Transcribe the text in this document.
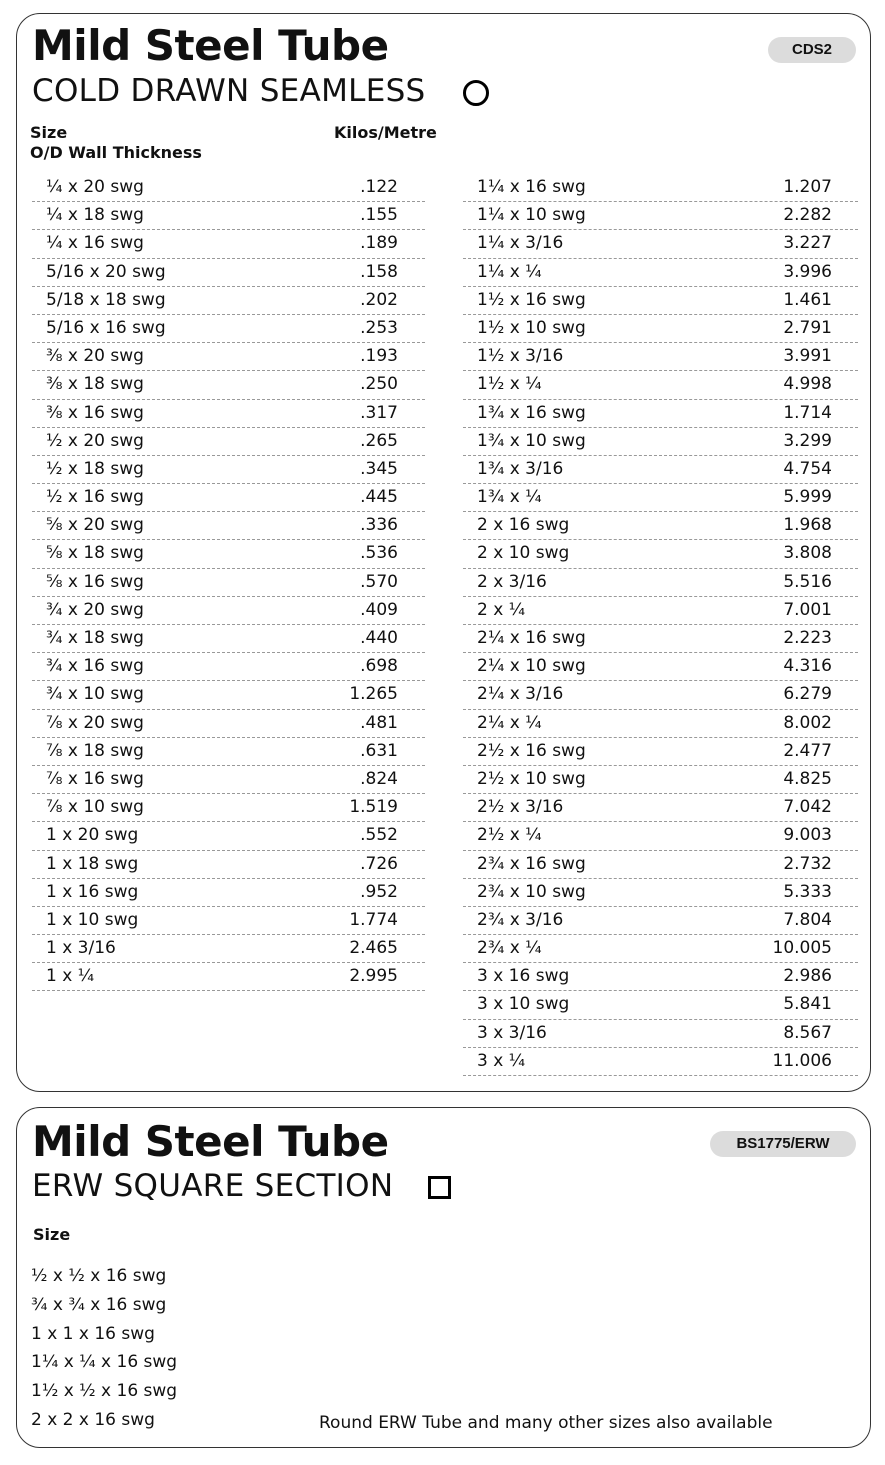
Mild Steel Tube
COLD DRAWN SEAMLESS
CDS2
Size
O/D Wall Thickness
Kilos/Metre
¼ x 20 swg	.122
¼ x 18 swg	.155
¼ x 16 swg	.189
5/16 x 20 swg	.158
5/18 x 18 swg	.202
5/16 x 16 swg	.253
⅜ x 20 swg	.193
⅜ x 18 swg	.250
⅜ x 16 swg	.317
½ x 20 swg	.265
½ x 18 swg	.345
½ x 16 swg	.445
⅝ x 20 swg	.336
⅝ x 18 swg	.536
⅝ x 16 swg	.570
¾ x 20 swg	.409
¾ x 18 swg	.440
¾ x 16 swg	.698
¾ x 10 swg	1.265
⅞ x 20 swg	.481
⅞ x 18 swg	.631
⅞ x 16 swg	.824
⅞ x 10 swg	1.519
1 x 20 swg	.552
1 x 18 swg	.726
1 x 16 swg	.952
1 x 10 swg	1.774
1 x 3/16	2.465
1 x ¼	2.995
1¼ x 16 swg	1.207
1¼ x 10 swg	2.282
1¼ x 3/16	3.227
1¼ x ¼	3.996
1½ x 16 swg	1.461
1½ x 10 swg	2.791
1½ x 3/16	3.991
1½ x ¼	4.998
1¾ x 16 swg	1.714
1¾ x 10 swg	3.299
1¾ x 3/16	4.754
1¾ x ¼	5.999
2 x 16 swg	1.968
2 x 10 swg	3.808
2 x 3/16	5.516
2 x ¼	7.001
2¼ x 16 swg	2.223
2¼ x 10 swg	4.316
2¼ x 3/16	6.279
2¼ x ¼	8.002
2½ x 16 swg	2.477
2½ x 10 swg	4.825
2½ x 3/16	7.042
2½ x ¼	9.003
2¾ x 16 swg	2.732
2¾ x 10 swg	5.333
2¾ x 3/16	7.804
2¾ x ¼	10.005
3 x 16 swg	2.986
3 x 10 swg	5.841
3 x 3/16	8.567
3 x ¼	11.006
Mild Steel Tube
ERW SQUARE SECTION
BS1775/ERW
Size
½ x ½ x 16 swg
¾ x ¾ x 16 swg
1 x 1 x 16 swg
1¼ x ¼ x 16 swg
1½ x ½ x 16 swg
2 x 2 x 16 swg	Round ERW Tube and many other sizes also available
